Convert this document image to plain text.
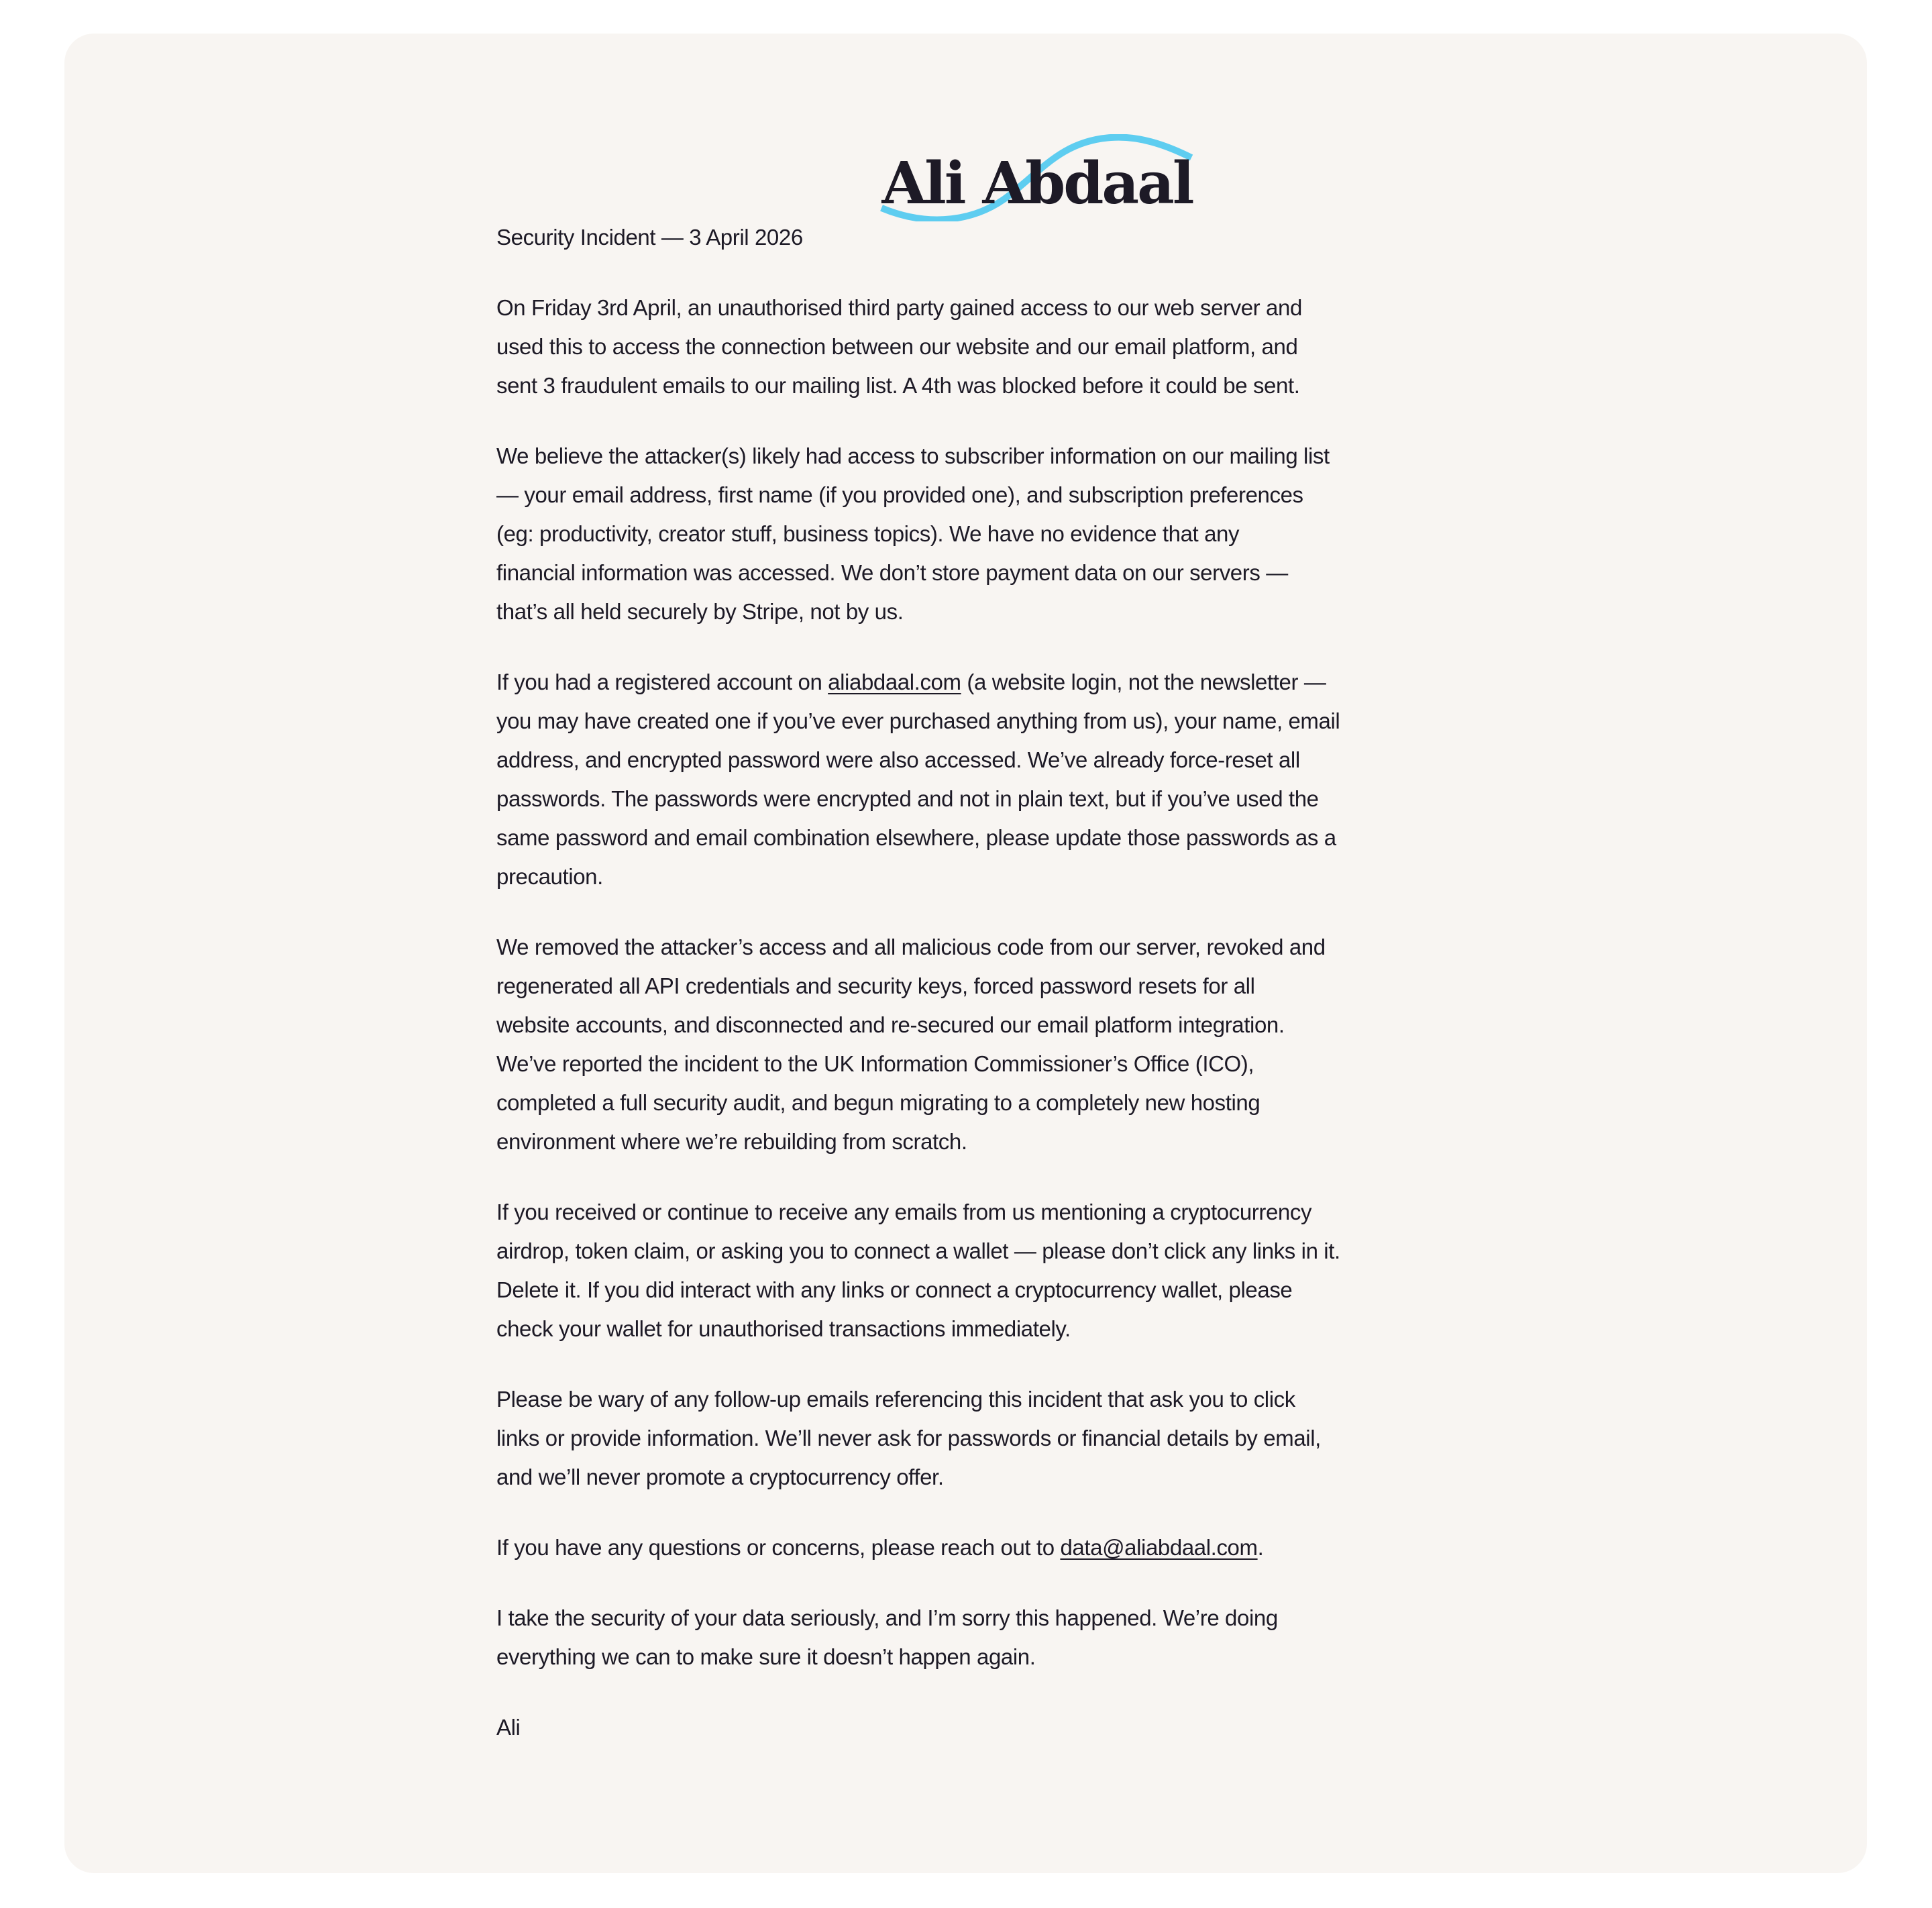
Ali Abdaal

Security Incident — 3 April 2026

On Friday 3rd April, an unauthorised third party gained access to our web server and
used this to access the connection between our website and our email platform, and
sent 3 fraudulent emails to our mailing list. A 4th was blocked before it could be sent.

We believe the attacker(s) likely had access to subscriber information on our mailing list
— your email address, first name (if you provided one), and subscription preferences
(eg: productivity, creator stuff, business topics). We have no evidence that any
financial information was accessed. We don’t store payment data on our servers —
that’s all held securely by Stripe, not by us.

If you had a registered account on aliabdaal.com (a website login, not the newsletter —
you may have created one if you’ve ever purchased anything from us), your name, email
address, and encrypted password were also accessed. We’ve already force-reset all
passwords. The passwords were encrypted and not in plain text, but if you’ve used the
same password and email combination elsewhere, please update those passwords as a
precaution.

We removed the attacker’s access and all malicious code from our server, revoked and
regenerated all API credentials and security keys, forced password resets for all
website accounts, and disconnected and re-secured our email platform integration.
We’ve reported the incident to the UK Information Commissioner’s Office (ICO),
completed a full security audit, and begun migrating to a completely new hosting
environment where we’re rebuilding from scratch.

If you received or continue to receive any emails from us mentioning a cryptocurrency
airdrop, token claim, or asking you to connect a wallet — please don’t click any links in it.
Delete it. If you did interact with any links or connect a cryptocurrency wallet, please
check your wallet for unauthorised transactions immediately.

Please be wary of any follow-up emails referencing this incident that ask you to click
links or provide information. We’ll never ask for passwords or financial details by email,
and we’ll never promote a cryptocurrency offer.

If you have any questions or concerns, please reach out to data@aliabdaal.com.

I take the security of your data seriously, and I’m sorry this happened. We’re doing
everything we can to make sure it doesn’t happen again.

Ali
